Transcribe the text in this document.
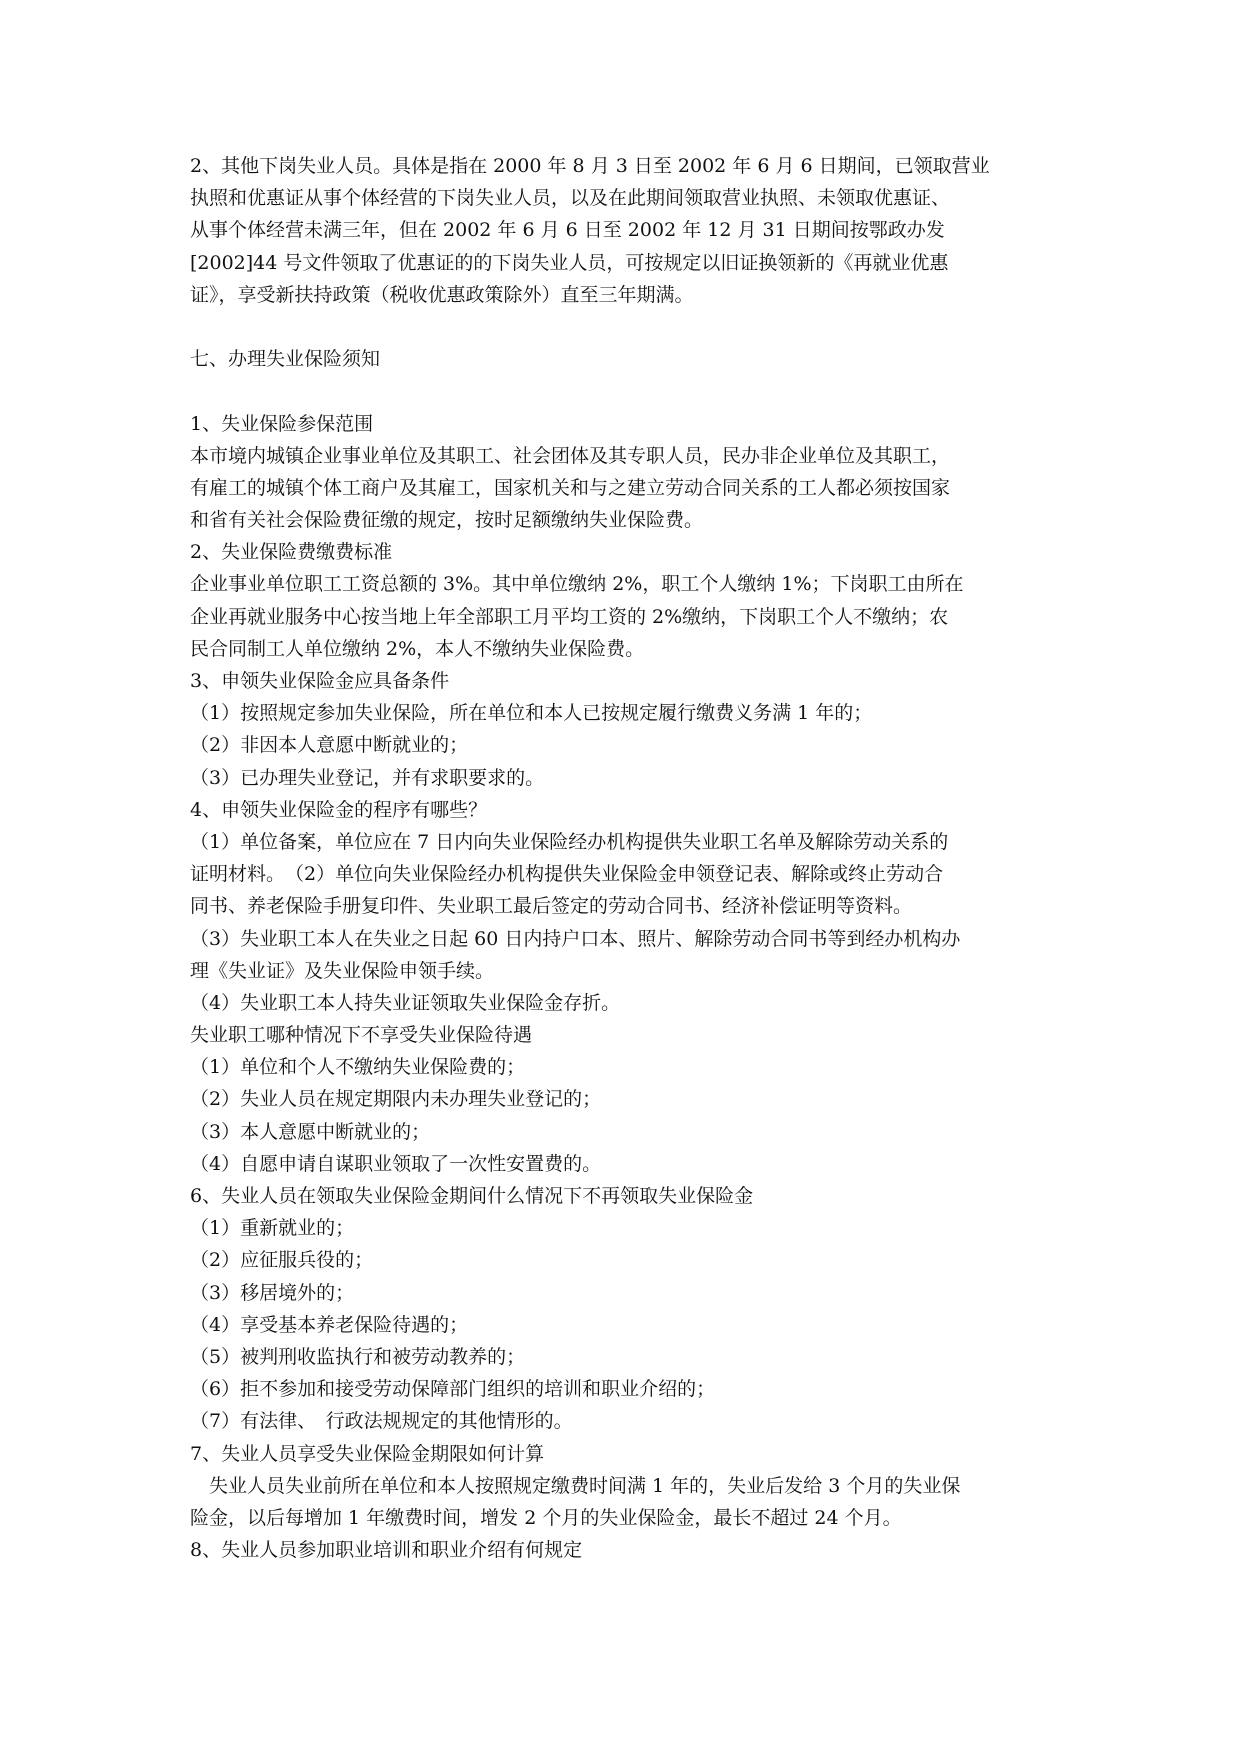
2、其他下岗失业人员。具体是指在 2000 年 8 月 3 日至 2002 年 6 月 6 日期间，已领取营业
执照和优惠证从事个体经营的下岗失业人员，以及在此期间领取营业执照、未领取优惠证、
从事个体经营未满三年，但在 2002 年 6 月 6 日至 2002 年 12 月 31 日期间按鄂政办发
[2002]44 号文件领取了优惠证的的下岗失业人员，可按规定以旧证换领新的《再就业优惠
证》，享受新扶持政策（税收优惠政策除外）直至三年期满。
七、办理失业保险须知
1、失业保险参保范围
本市境内城镇企业事业单位及其职工、社会团体及其专职人员，民办非企业单位及其职工，
有雇工的城镇个体工商户及其雇工，国家机关和与之建立劳动合同关系的工人都必须按国家
和省有关社会保险费征缴的规定，按时足额缴纳失业保险费。
2、失业保险费缴费标准
企业事业单位职工工资总额的 3%。其中单位缴纳 2%，职工个人缴纳 1%；下岗职工由所在
企业再就业服务中心按当地上年全部职工月平均工资的 2%缴纳，下岗职工个人不缴纳；农
民合同制工人单位缴纳 2%，本人不缴纳失业保险费。
3、申领失业保险金应具备条件
（1）按照规定参加失业保险，所在单位和本人已按规定履行缴费义务满 1 年的；
（2）非因本人意愿中断就业的；
（3）已办理失业登记，并有求职要求的。
4、申领失业保险金的程序有哪些？
（1）单位备案，单位应在 7 日内向失业保险经办机构提供失业职工名单及解除劳动关系的
证明材料。　（2）单位向失业保险经办机构提供失业保险金申领登记表、解除或终止劳动合
同书、养老保险手册复印件、失业职工最后签定的劳动合同书、经济补偿证明等资料。
（3）失业职工本人在失业之日起 60 日内持户口本、照片、解除劳动合同书等到经办机构办
理《失业证》及失业保险申领手续。
（4）失业职工本人持失业证领取失业保险金存折。
失业职工哪种情况下不享受失业保险待遇
（1）单位和个人不缴纳失业保险费的；
（2）失业人员在规定期限内未办理失业登记的；
（3）本人意愿中断就业的；
（4）自愿申请自谋职业领取了一次性安置费的。
6、失业人员在领取失业保险金期间什么情况下不再领取失业保险金
（1）重新就业的；
（2）应征服兵役的；
（3）移居境外的；
（4）享受基本养老保险待遇的；
（5）被判刑收监执行和被劳动教养的；
（6）拒不参加和接受劳动保障部门组织的培训和职业介绍的；
（7）有法律、　行政法规规定的其他情形的。
7、失业人员享受失业保险金期限如何计算
　失业人员失业前所在单位和本人按照规定缴费时间满 1 年的，失业后发给 3 个月的失业保
险金，以后每增加 1 年缴费时间，增发 2 个月的失业保险金，最长不超过 24 个月。
8、失业人员参加职业培训和职业介绍有何规定
